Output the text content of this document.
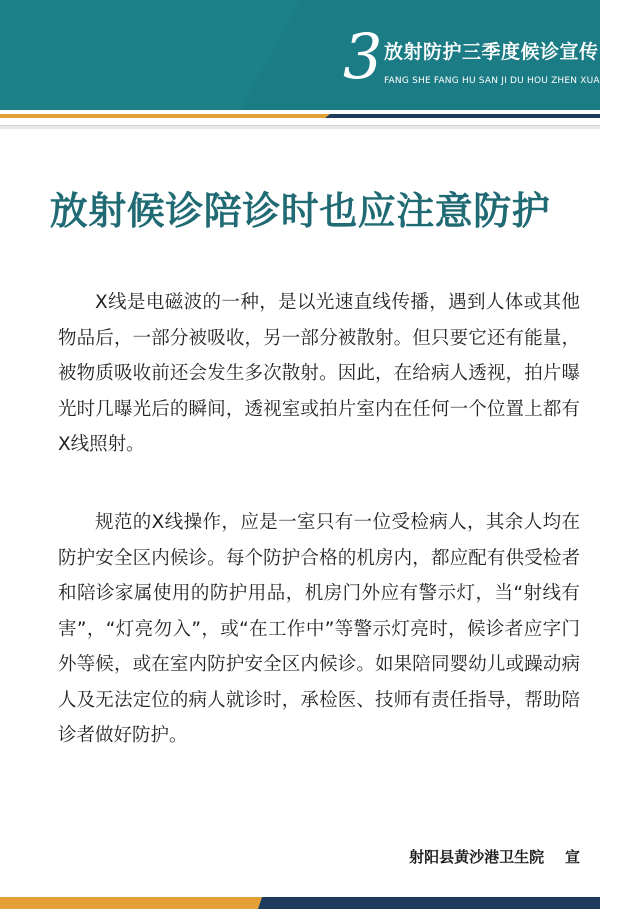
3 放射防护三季度候诊宣传
FANG SHE FANG HU SAN JI DU HOU ZHEN XUAN CHUAN
放射候诊陪诊时也应注意防护

X线是电磁波的一种，是以光速直线传播，遇到人体或其他物品后，一部分被吸收，另一部分被散射。但只要它还有能量，被物质吸收前还会发生多次散射。因此，在给病人透视，拍片曝光时几曝光后的瞬间，透视室或拍片室内在任何一个位置上都有X线照射。

规范的X线操作，应是一室只有一位受检病人，其余人均在防护安全区内候诊。每个防护合格的机房内，都应配有供受检者和陪诊家属使用的防护用品，机房门外应有警示灯，当“射线有害”，“灯亮勿入”，或“在工作中”等警示灯亮时，候诊者应字门外等候，或在室内防护安全区内候诊。如果陪同婴幼儿或躁动病人及无法定位的病人就诊时，承检医、技师有责任指导，帮助陪诊者做好防护。

射阳县黄沙港卫生院    宣
